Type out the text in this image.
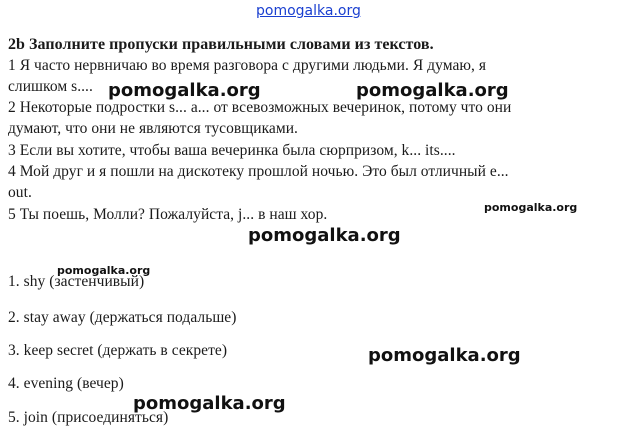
pomogalka.org
2b Заполните пропуски правильными словами из текстов.
1 Я часто нервничаю во время разговора с другими людьми. Я думаю, я
слишком s....
2 Некоторые подростки s... a... от всевозможных вечеринок, потому что они
думают, что они не являются тусовщиками.
3 Если вы хотите, чтобы ваша вечеринка была сюрпризом, k... its....
4 Мой друг и я пошли на дискотеку прошлой ночью. Это был отличный e...
out.
5 Ты поешь, Молли? Пожалуйста, j... в наш хор.
1. shy (застенчивый)
2. stay away (держаться подальше)
3. keep secret (держать в секрете)
4. evening (вечер)
5. join (присоединяться)
pomogalka.org	pomogalka.org
pomogalka.org
pomogalka.org
pomogalka.org
pomogalka.org
pomogalka.org
